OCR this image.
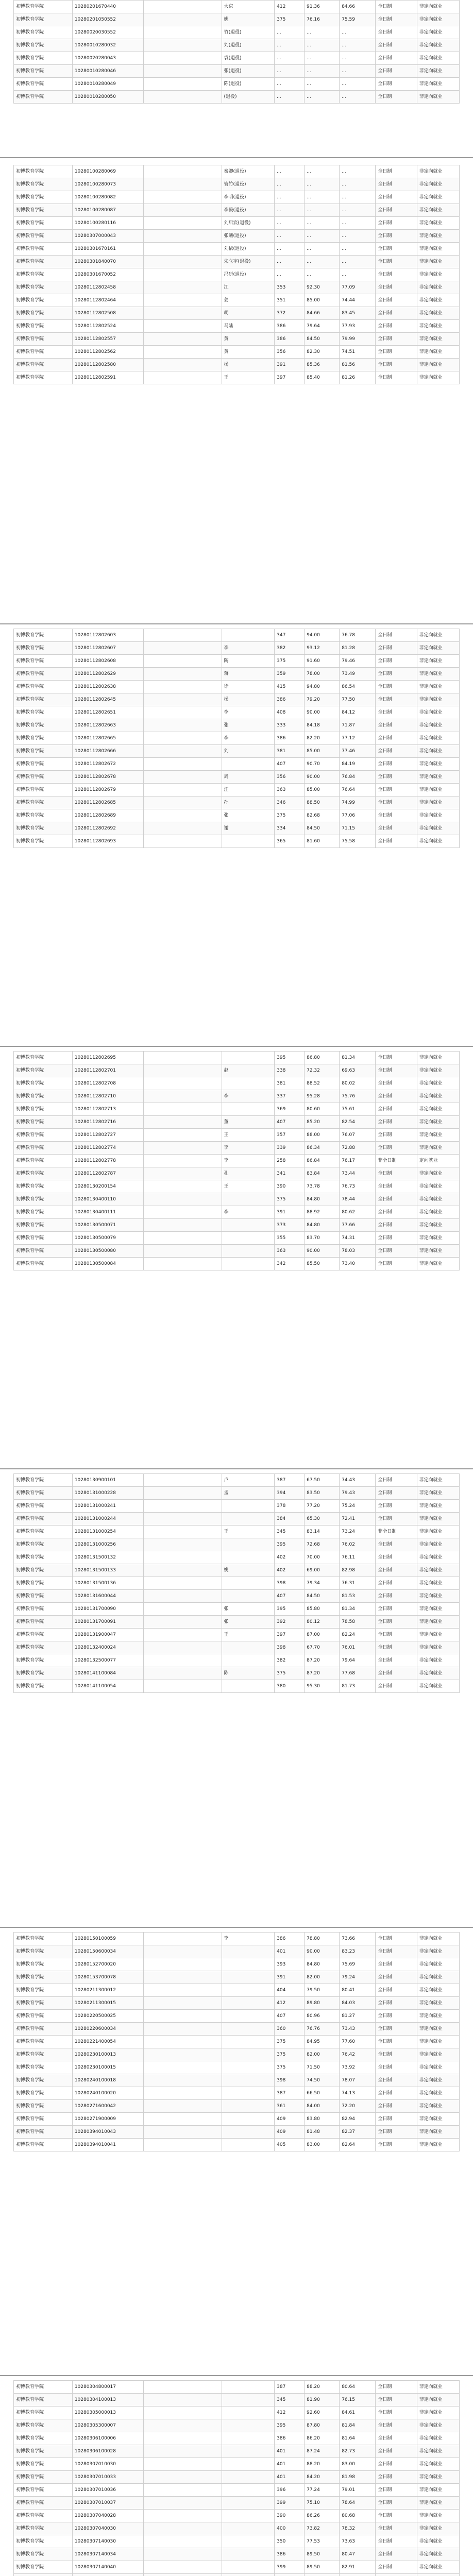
初博教育学院	10280201670440		大京	412	91.36	84.66	全日制	非定向就业
初博教育学院	10280201050552		姚	375	76.16	75.59	全日制	非定向就业
初博教育学院	10280020030552		竹(退役)	...	...	...	全日制	非定向就业
初博教育学院	10280010280032		刘(退役)	...	...	...	全日制	非定向就业
初博教育学院	10280020280043		袁(退役)	...	...	...	全日制	非定向就业
初博教育学院	10280010280046		张(退役)	...	...	...	全日制	非定向就业
初博教育学院	10280010280049		陈(退役)	...	...	...	全日制	非定向就业
初博教育学院	10280010280050		(退役)	...	...	...	全日制	非定向就业
初博教育学院	10280100280069		秦卿(退役)	...	...	...	全日制	非定向就业
初博教育学院	10280100280073		管竹(退役)	...	...	...	全日制	非定向就业
初博教育学院	10280100280082		李明(退役)	...	...	...	全日制	非定向就业
初博教育学院	10280100280087		李毅(退役)	...	...	...	全日制	非定向就业
初博教育学院	10280100280116		刘启宸(退役)	...	...	...	全日制	非定向就业
初博教育学院	10280307000043		张曦(退役)	...	...	...	全日制	非定向就业
初博教育学院	10280301670161		刘依(退役)	...	...	...	全日制	非定向就业
初博教育学院	10280301840070		朱立宇(退役)	...	...	...	全日制	非定向就业
初博教育学院	10280301670052		冯研(退役)	...	...	...	全日制	非定向就业
初博教育学院	10280112802458		江	353	92.30	77.09	全日制	非定向就业
初博教育学院	10280112802464		姜	351	85.00	74.44	全日制	非定向就业
初博教育学院	10280112802508		胡	372	84.66	83.45	全日制	非定向就业
初博教育学院	10280112802524		马陆	386	79.64	77.93	全日制	非定向就业
初博教育学院	10280112802557		黄	386	84.50	79.99	全日制	非定向就业
初博教育学院	10280112802562		黄	356	82.30	74.51	全日制	非定向就业
初博教育学院	10280112802580		杨	391	85.36	81.56	全日制	非定向就业
初博教育学院	10280112802591		王	397	85.40	81.26	全日制	非定向就业
初博教育学院	10280112802603			347	94.00	76.78	全日制	非定向就业
初博教育学院	10280112802607		李	382	93.12	81.28	全日制	非定向就业
初博教育学院	10280112802608		陶	375	91.60	79.46	全日制	非定向就业
初博教育学院	10280112802629		蒋	359	78.00	73.49	全日制	非定向就业
初博教育学院	10280112802638		徐	415	94.80	86.54	全日制	非定向就业
初博教育学院	10280112802645		杨	386	79.20	77.50	全日制	非定向就业
初博教育学院	10280112802651		李	408	90.00	84.12	全日制	非定向就业
初博教育学院	10280112802663		张	333	84.18	71.87	全日制	非定向就业
初博教育学院	10280112802665		李	386	82.20	77.12	全日制	非定向就业
初博教育学院	10280112802666		刘	381	85.00	77.46	全日制	非定向就业
初博教育学院	10280112802672			407	90.70	84.19	全日制	非定向就业
初博教育学院	10280112802678		周	356	90.00	76.84	全日制	非定向就业
初博教育学院	10280112802679		汪	363	85.00	76.64	全日制	非定向就业
初博教育学院	10280112802685		孙	346	88.50	74.99	全日制	非定向就业
初博教育学院	10280112802689		张	375	82.68	77.06	全日制	非定向就业
初博教育学院	10280112802692		谢	334	84.50	71.15	全日制	非定向就业
初博教育学院	10280112802693			365	81.60	75.58	全日制	非定向就业
初博教育学院	10280112802695			395	86.80	81.34	全日制	非定向就业
初博教育学院	10280112802701		赵	338	72.32	69.63	全日制	非定向就业
初博教育学院	10280112802708			381	88.52	80.02	全日制	非定向就业
初博教育学院	10280112802710		李	337	95.28	75.76	全日制	非定向就业
初博教育学院	10280112802713			369	80.60	75.61	全日制	非定向就业
初博教育学院	10280112802716		董	407	85.20	82.54	全日制	非定向就业
初博教育学院	10280112802727		王	357	88.00	76.07	全日制	非定向就业
初博教育学院	10280112802774		李	339	86.34	72.88	全日制	非定向就业
初博教育学院	10280112802778		李	258	86.84	76.17	非全日制	定向就业
初博教育学院	10280112802787		孔	341	83.84	73.44	全日制	非定向就业
初博教育学院	10280130200154		王	390	73.78	76.73	全日制	非定向就业
初博教育学院	10280130400110			375	84.80	78.44	全日制	非定向就业
初博教育学院	10280130400111		李	391	88.92	80.62	全日制	非定向就业
初博教育学院	10280130500071			373	84.80	77.66	全日制	非定向就业
初博教育学院	10280130500079			355	83.70	74.31	全日制	非定向就业
初博教育学院	10280130500080			363	90.00	78.03	全日制	非定向就业
初博教育学院	10280130500084			342	85.50	73.40	全日制	非定向就业
初博教育学院	10280130900101		卢	387	67.50	74.43	全日制	非定向就业
初博教育学院	10280131000228		孟	394	83.50	79.43	全日制	非定向就业
初博教育学院	10280131000241			378	77.20	75.24	全日制	非定向就业
初博教育学院	10280131000244			384	65.30	72.41	全日制	非定向就业
初博教育学院	10280131000254		王	345	83.14	73.24	非全日制	非定向就业
初博教育学院	10280131000256			395	72.68	76.02	全日制	非定向就业
初博教育学院	10280131500132			402	70.00	76.11	全日制	非定向就业
初博教育学院	10280131500133		姚	402	69.00	82.98	全日制	非定向就业
初博教育学院	10280131500136			398	79.34	76.31	全日制	非定向就业
初博教育学院	10280131600044			407	84.50	81.53	全日制	非定向就业
初博教育学院	10280131700090		张	395	85.80	81.34	全日制	非定向就业
初博教育学院	10280131700091		张	392	80.12	78.58	全日制	非定向就业
初博教育学院	10280131900047		王	397	87.00	82.24	全日制	非定向就业
初博教育学院	10280132400024			398	67.70	76.01	全日制	非定向就业
初博教育学院	10280132500077			382	87.20	79.64	全日制	非定向就业
初博教育学院	10280141100084		陈	375	87.20	77.68	全日制	非定向就业
初博教育学院	10280141100054			380	95.30	81.73	全日制	非定向就业
初博教育学院	10280150100059		李	386	78.80	73.66	全日制	非定向就业
初博教育学院	10280150600034			401	90.00	83.23	全日制	非定向就业
初博教育学院	10280152700020			393	84.80	75.69	全日制	非定向就业
初博教育学院	10280153700078			391	82.00	79.24	全日制	非定向就业
初博教育学院	10280211300012			404	79.50	80.41	全日制	非定向就业
初博教育学院	10280211300015			412	89.80	84.03	全日制	非定向就业
初博教育学院	10280220500025			407	80.96	81.27	全日制	非定向就业
初博教育学院	10280220600034			360	76.76	73.43	全日制	非定向就业
初博教育学院	10280221400054			375	84.95	77.60	全日制	非定向就业
初博教育学院	10280230100013			375	82.00	76.42	全日制	非定向就业
初博教育学院	10280230100015			375	71.50	73.92	全日制	非定向就业
初博教育学院	10280240100018			398	74.50	78.07	全日制	非定向就业
初博教育学院	10280240100020			387	66.50	74.13	全日制	非定向就业
初博教育学院	10280271600042			361	84.00	72.20	全日制	非定向就业
初博教育学院	10280271900009			409	83.80	82.94	全日制	非定向就业
初博教育学院	10280394010043			409	81.48	82.37	全日制	非定向就业
初博教育学院	10280394010041			405	83.00	82.64	全日制	非定向就业
初博教育学院	10280304800017			387	88.20	80.64	全日制	非定向就业
初博教育学院	10280304100013			345	81.90	76.15	全日制	非定向就业
初博教育学院	10280305000013			412	92.60	84.61	全日制	非定向就业
初博教育学院	10280305300007			395	87.80	81.84	全日制	非定向就业
初博教育学院	10280306100006			386	86.20	81.64	全日制	非定向就业
初博教育学院	10280306100028			401	87.24	82.73	全日制	非定向就业
初博教育学院	10280307010030			401	88.20	83.00	全日制	非定向就业
初博教育学院	10280307010033			401	84.20	81.98	全日制	非定向就业
初博教育学院	10280307010036			396	77.24	79.01	全日制	非定向就业
初博教育学院	10280307010037			399	75.10	78.64	全日制	非定向就业
初博教育学院	10280307040028			390	86.26	80.68	全日制	非定向就业
初博教育学院	10280307040030			400	73.82	78.32	全日制	非定向就业
初博教育学院	10280307140030			350	77.53	73.63	全日制	非定向就业
初博教育学院	10280307140034			386	89.50	80.47	全日制	非定向就业
初博教育学院	10280307140040			399	89.50	82.91	全日制	非定向就业
